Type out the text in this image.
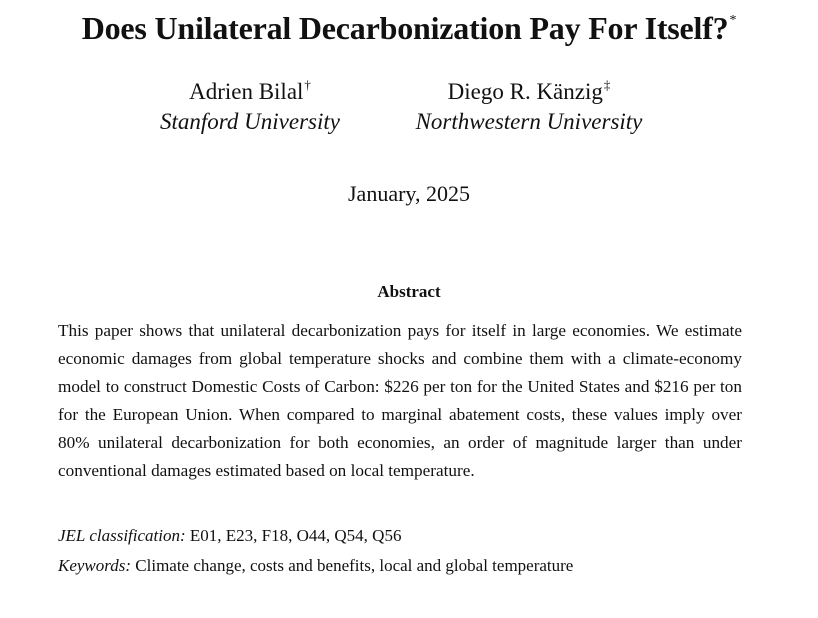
Does Unilateral Decarbonization Pay For Itself?*
Adrien Bilal†
Stanford University
Diego R. Känzig‡
Northwestern University
January, 2025
Abstract
This paper shows that unilateral decarbonization pays for itself in large economies. We estimate economic damages from global temperature shocks and combine them with a climate-economy model to construct Domestic Costs of Carbon: $226 per ton for the United States and $216 per ton for the European Union. When compared to marginal abatement costs, these values imply over 80% unilateral decarbonization for both economies, an order of magnitude larger than under conventional damages estimated based on local temperature.
JEL classification: E01, E23, F18, O44, Q54, Q56
Keywords: Climate change, costs and benefits, local and global temperature
